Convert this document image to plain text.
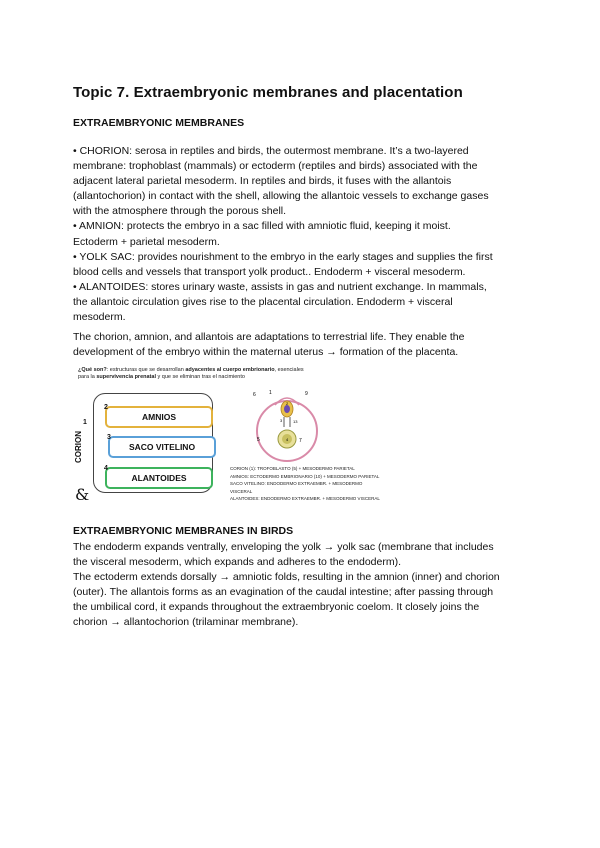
Topic 7. Extraembryonic membranes and placentation
EXTRAEMBRYONIC MEMBRANES

• CHORION: serosa in reptiles and birds, the outermost membrane. It’s a two-layered

membrane: trophoblast (mammals) or ectoderm (reptiles and birds) associated with the

adjacent lateral parietal mesoderm. In reptiles and birds, it fuses with the allantois

(allantochorion) in contact with the shell, allowing the allantoic vessels to exchange gases

with the atmosphere through the porous shell.

• AMNION: protects the embryo in a sac filled with amniotic fluid, keeping it moist.

Ectoderm + parietal mesoderm.

• YOLK SAC: provides nourishment to the embryo in the early stages and supplies the first

blood cells and vessels that transport yolk product.. Endoderm + visceral mesoderm.

• ALANTOIDES: stores urinary waste, assists in gas and nutrient exchange. In mammals,

the allantoic circulation gives rise to the placental circulation. Endoderm + visceral

mesoderm.

The chorion, amnion, and allantois are adaptations to terrestrial life. They enable the

development of the embryo within the maternal uterus → formation of the placenta.

¿Qué son?: estructuras que se desarrollan adyacentes al cuerpo embrionario, esenciales
para la supervivencia prenatal y que se eliminan tras el nacimiento
1
CORION
2
AMNIOS
3
SACO VITELINO
4
ALANTOIDES
&
6	1	9
2
3	13
5	7
4
CORION (1): TROFOBLASTO (5) + MESODERMO PARIETAL
AMNIOS: ECTODERMO EMBRIONARIO (10) + MESODERMO PARIETAL
SACO VITELINO: ENDODERMO EXTRAEMBR. + MESODERMO VISCERAL
ALANTOIDES: ENDODERMO EXTRAEMBR. + MESODERMO VISCERAL
EXTRAEMBRYONIC MEMBRANES IN BIRDS

The endoderm expands ventrally, enveloping the yolk → yolk sac (membrane that includes

the visceral mesoderm, which expands and adheres to the endoderm).

The ectoderm extends dorsally → amniotic folds, resulting in the amnion (inner) and chorion

(outer). The allantois forms as an evagination of the caudal intestine; after passing through

the umbilical cord, it expands throughout the extraembryonic coelom. It closely joins the

chorion → allantochorion (trilaminar membrane).
